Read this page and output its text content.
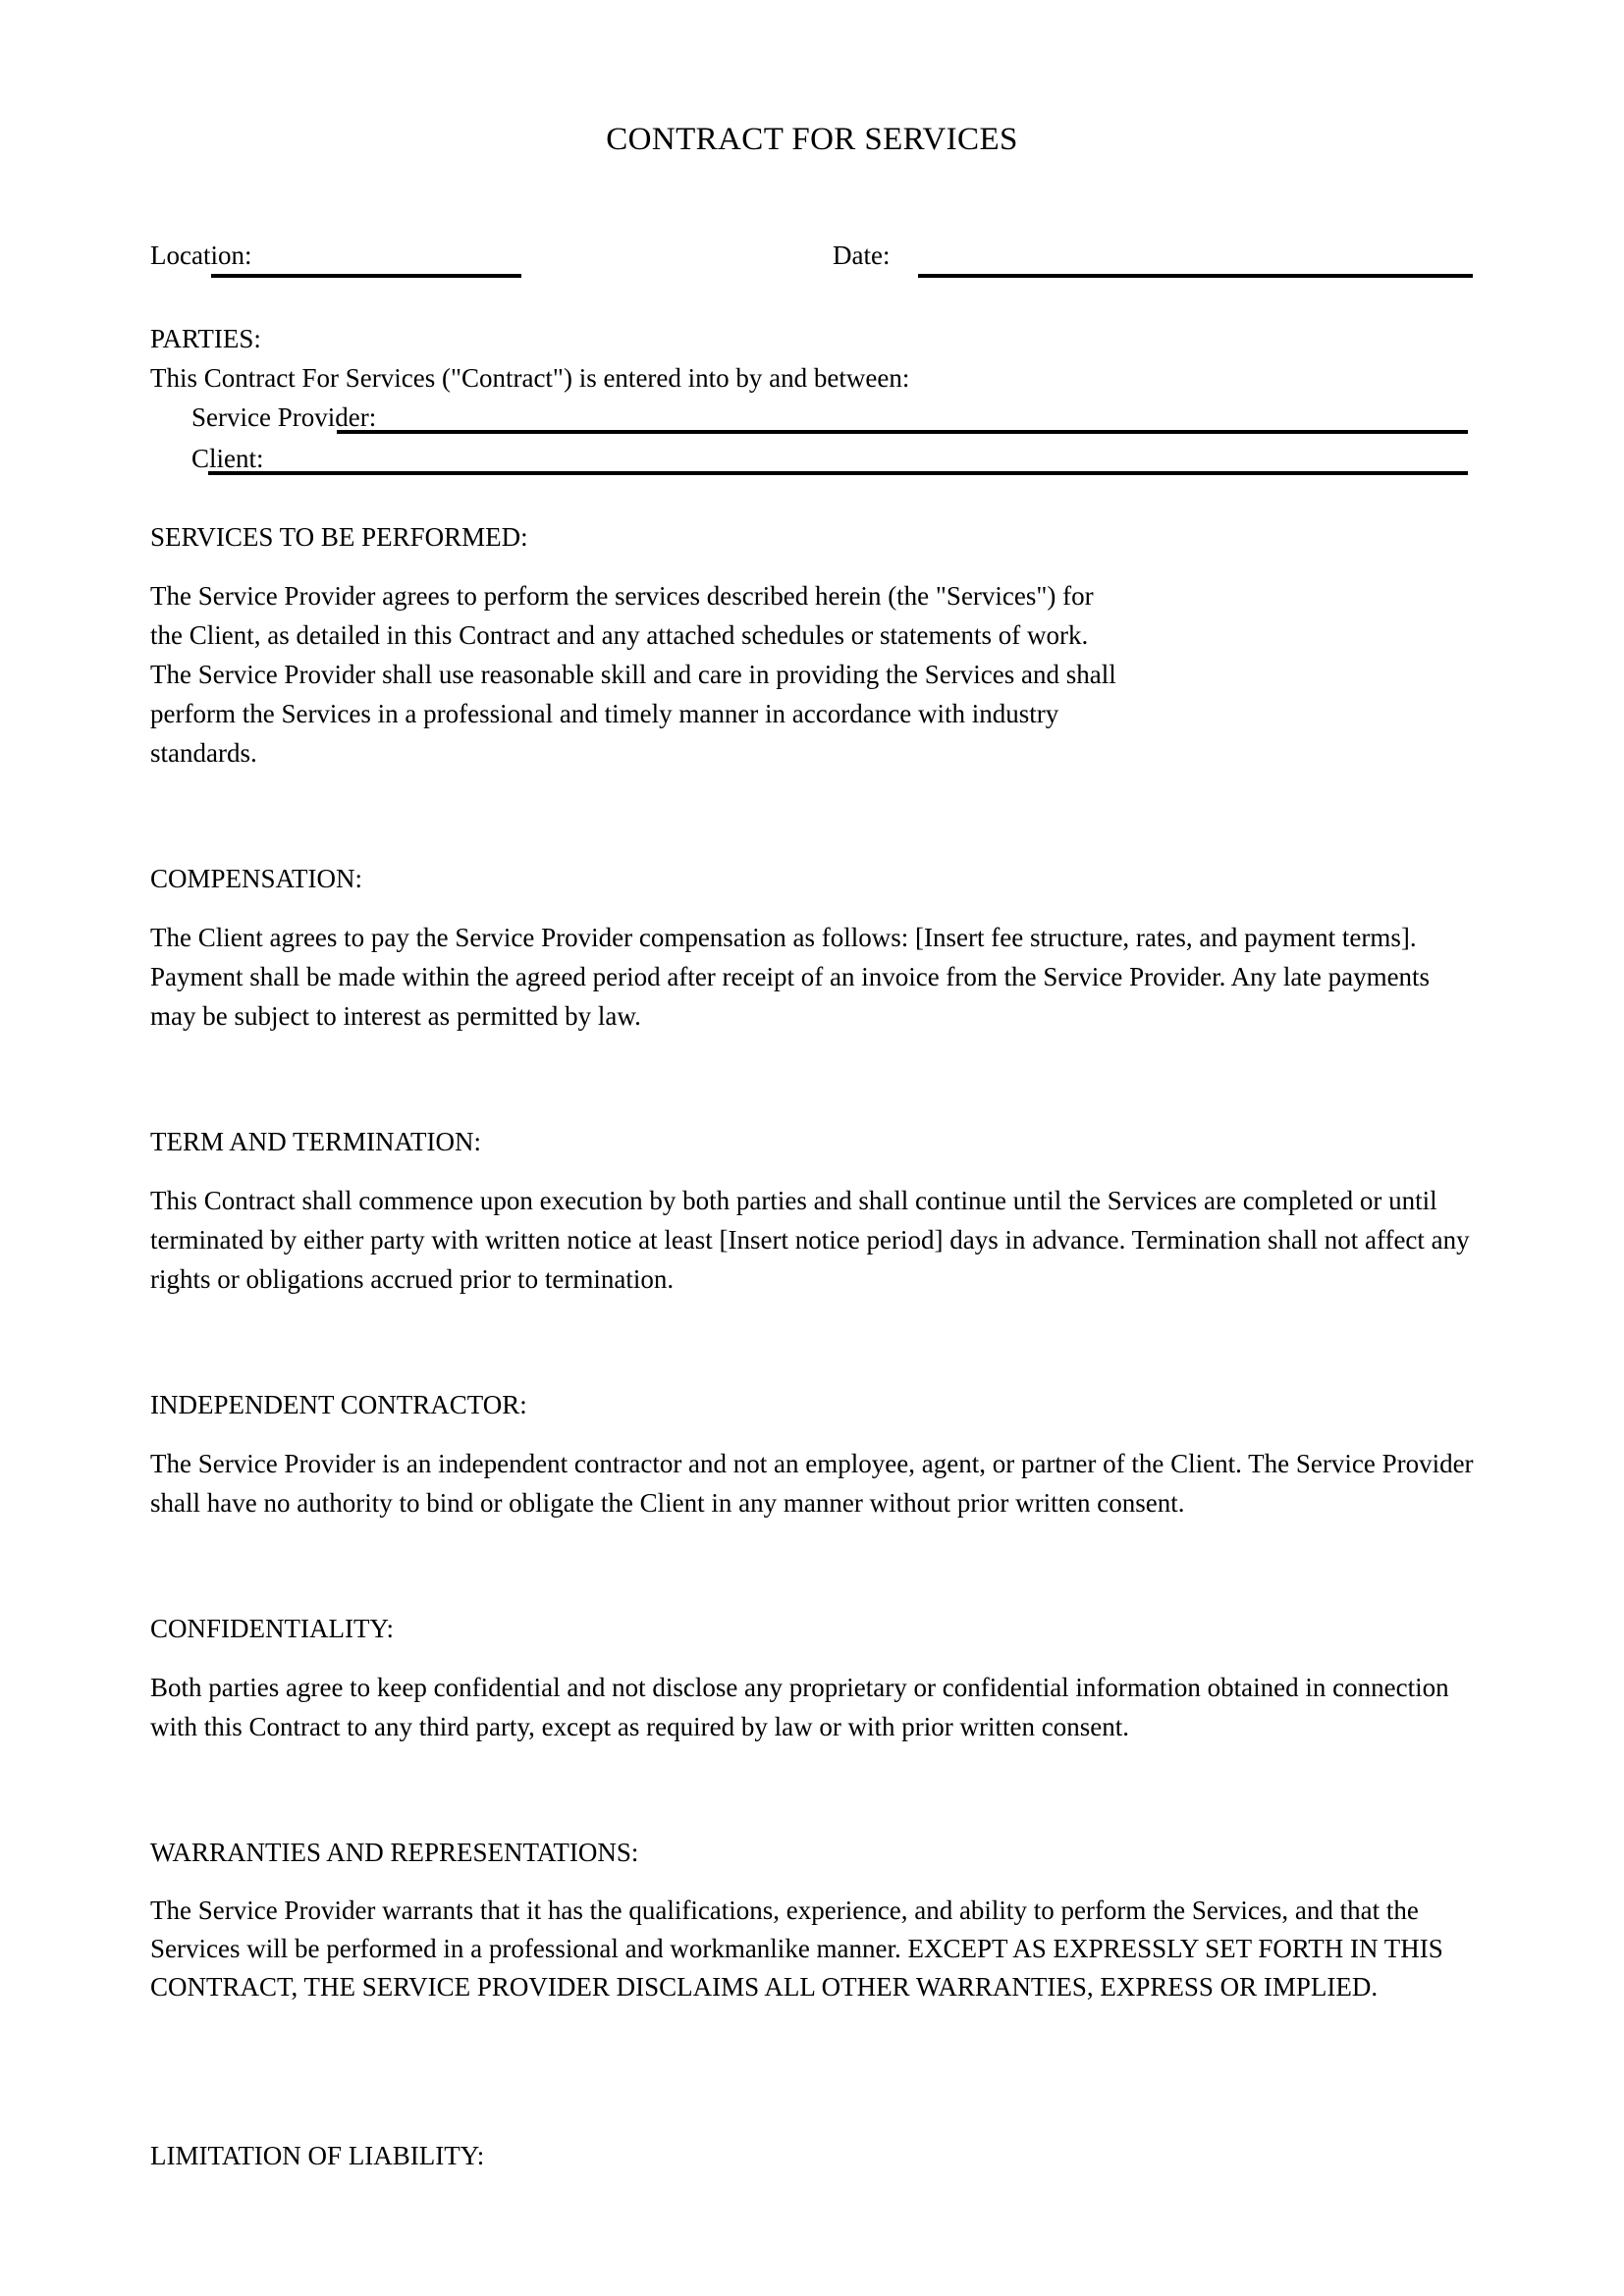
CONTRACT FOR SERVICES
Location:	Date:
PARTIES:
This Contract For Services ("Contract") is entered into by and between:
Service Provider:
Client:
SERVICES TO BE PERFORMED:

The Service Provider agrees to perform the services described herein (the "Services") for the Client, as detailed in this Contract and any attached schedules or statements of work. The Service Provider shall use reasonable skill and care in providing the Services and shall perform the Services in a professional and timely manner in accordance with industry standards.

COMPENSATION:

The Client agrees to pay the Service Provider compensation as follows: [Insert fee structure, rates, and payment terms]. Payment shall be made within the agreed period after receipt of an invoice from the Service Provider. Any late payments may be subject to interest as permitted by law.

TERM AND TERMINATION:

This Contract shall commence upon execution by both parties and shall continue until the Services are completed or until terminated by either party with written notice at least [Insert notice period] days in advance. Termination shall not affect any rights or obligations accrued prior to termination.

INDEPENDENT CONTRACTOR:

The Service Provider is an independent contractor and not an employee, agent, or partner of the Client. The Service Provider shall have no authority to bind or obligate the Client in any manner without prior written consent.

CONFIDENTIALITY:

Both parties agree to keep confidential and not disclose any proprietary or confidential information obtained in connection with this Contract to any third party, except as required by law or with prior written consent.

WARRANTIES AND REPRESENTATIONS:

The Service Provider warrants that it has the qualifications, experience, and ability to perform the Services, and that the Services will be performed in a professional and workmanlike manner. EXCEPT AS EXPRESSLY SET FORTH IN THIS CONTRACT, THE SERVICE PROVIDER DISCLAIMS ALL OTHER WARRANTIES, EXPRESS OR IMPLIED.

LIMITATION OF LIABILITY:
